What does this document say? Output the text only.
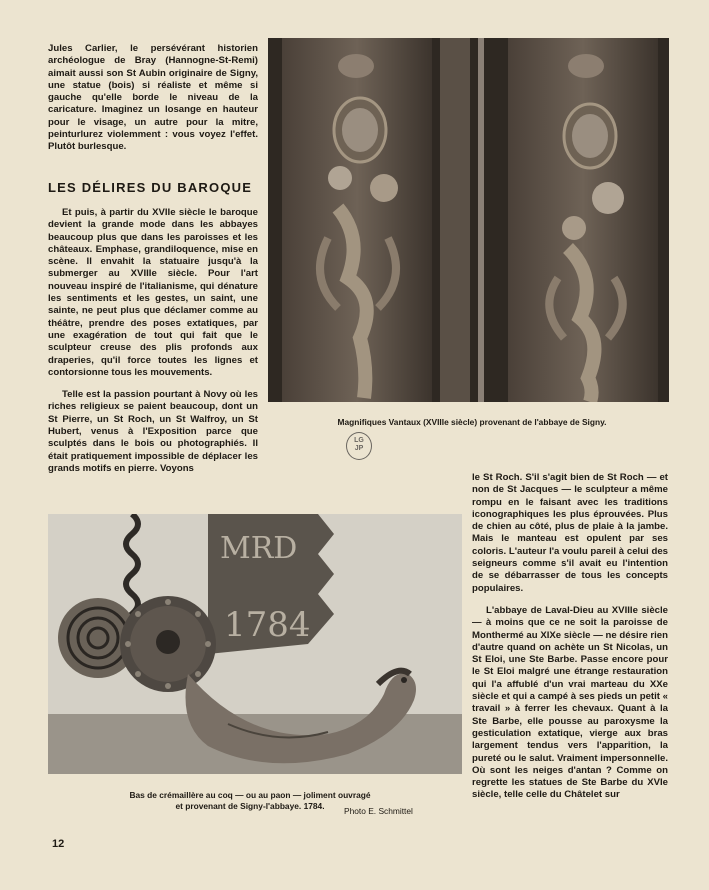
Jules Carlier, le persévérant historien archéologue de Bray (Hannogne-St-Remi) aimait aussi son St Aubin originaire de Signy, une statue (bois) si réaliste et même si gauche qu'elle borde le niveau de la caricature. Imaginez un losange en hauteur pour le visage, un autre pour la mitre, peinturlurez violemment : vous voyez l'effet. Plutôt burlesque.

LES DÉLIRES DU BAROQUE

Et puis, à partir du XVIIe siècle le baroque devient la grande mode dans les abbayes beaucoup plus que dans les paroisses et les châteaux. Emphase, grandiloquence, mise en scène. Il envahit la statuaire jusqu'à la submerger au XVIIIe siècle. Pour l'art nouveau inspiré de l'italianisme, qui dénature les sentiments et les gestes, un saint, une sainte, ne peut plus que déclamer comme au théâtre, prendre des poses extatiques, par une exagération de tout qui fait que le sculpteur creuse des plis profonds aux draperies, qu'il force toutes les lignes et contorsionne tous les mouvements.

Telle est la passion pourtant à Novy où les riches religieux se paient beaucoup, dont un St Pierre, un St Roch, un St Walfroy, un St Hubert, venus à l'Exposition parce que sculptés dans le bois ou photographiés. Il était pratiquement impossible de déplacer les grands motifs en pierre. Voyons

Magnifiques Vantaux (XVIIIe siècle) provenant de l'abbaye de Signy.
LG
JP

le St Roch. S'il s'agit bien de St Roch — et non de St Jacques — le sculpteur a même rompu en le faisant avec les traditions iconographiques les plus éprouvées. Plus de chien au côté, plus de plaie à la jambe. Mais le manteau est opulent par ses coloris. L'auteur l'a voulu pareil à celui des seigneurs comme s'il avait eu l'intention de se débarrasser de tous les concepts populaires.

L'abbaye de Laval-Dieu au XVIIIe siècle — à moins que ce ne soit la paroisse de Monthermé au XIXe siècle — ne désire rien d'autre quand on achète un St Nicolas, un St Eloi, une Ste Barbe. Passe encore pour le St Eloi malgré une étrange restauration qui l'a affublé d'un vrai marteau du XXe siècle et qui a campé à ses pieds un petit « travail » à ferrer les chevaux. Quant à la Ste Barbe, elle pousse au paroxysme la gesticulation extatique, vierge aux bras largement tendus vers l'apparition, la pureté ou le salut. Vraiment impersonnelle. Où sont les neiges d'antan ? Comme on regrette les statues de Ste Barbe du XVIe siècle, telle celle du Châtelet sur

MRD
1784
Bas de crémaillère au coq — ou au paon — joliment ouvragé
et provenant de Signy-l'abbaye. 1784.	Photo E. Schmittel
12
